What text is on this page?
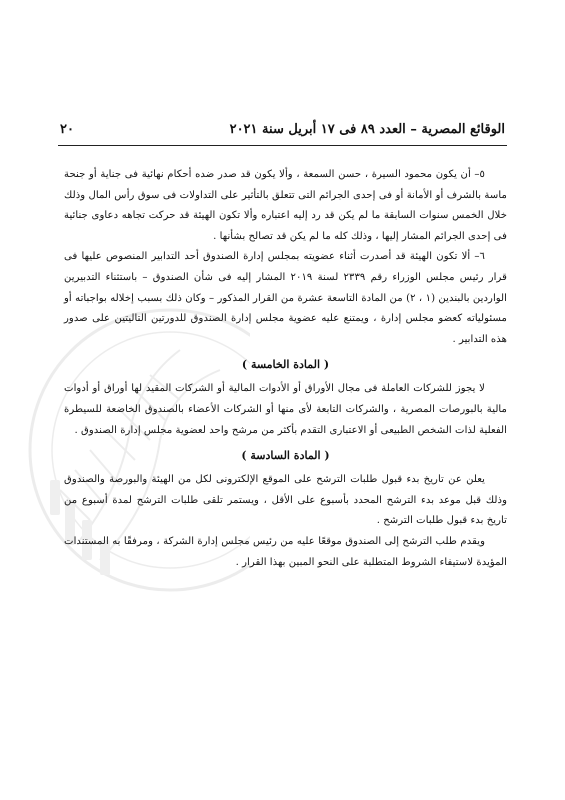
٢٠	الوقائع المصرية – العدد ٨٩ فى ١٧ أبريل سنة ٢٠٢١

٥– أن يكون محمود السيرة ، حسن السمعة ، وألا يكون قد صدر ضده أحكام نهائية فى جناية أو جنحة ماسة بالشرف أو الأمانة أو فى إحدى الجرائم التى تتعلق بالتأثير على التداولات فى سوق رأس المال وذلك خلال الخمس سنوات السابقة ما لم يكن قد رد إليه اعتباره وألا تكون الهيئة قد حركت تجاهه دعاوى جنائية فى إحدى الجرائم المشار إليها ، وذلك كله ما لم يكن قد تصالح بشأنها .

٦– ألا تكون الهيئة قد أصدرت أثناء عضويته بمجلس إدارة الصندوق أحد التدابير المنصوص عليها فى قرار رئيس مجلس الوزراء رقم ٢٣٣٩ لسنة ٢٠١٩ المشار إليه فى شأن الصندوق – باستثناء التدبيرين الواردين بالبندين (١ ، ٢) من المادة التاسعة عشرة من القرار المذكور – وكان ذلك بسبب إخلاله بواجباته أو مسئولياته كعضو مجلس إدارة ، ويمتنع عليه عضوية مجلس إدارة الصندوق للدورتين التاليتين على صدور هذه التدابير .

( المادة الخامسة )

لا يجوز للشركات العاملة فى مجال الأوراق أو الأدوات المالية أو الشركات المقيد لها أوراق أو أدوات مالية بالبورصات المصرية ، والشركات التابعة لأى منها أو الشركات الأعضاء بالصندوق الخاضعة للسيطرة الفعلية لذات الشخص الطبيعى أو الاعتبارى التقدم بأكثر من مرشح واحد لعضوية مجلس إدارة الصندوق .

( المادة السادسة )

يعلن عن تاريخ بدء قبول طلبات الترشح على الموقع الإلكترونى لكل من الهيئة والبورصة والصندوق وذلك قبل موعد بدء الترشح المحدد بأسبوع على الأقل ، ويستمر تلقى طلبات الترشح لمدة أسبوع من تاريخ بدء قبول طلبات الترشح .

ويقدم طلب الترشح إلى الصندوق موقعًا عليه من رئيس مجلس إدارة الشركة ، ومرفقًا به المستندات المؤيدة لاستيفاء الشروط المتطلبة على النحو المبين بهذا القرار .
